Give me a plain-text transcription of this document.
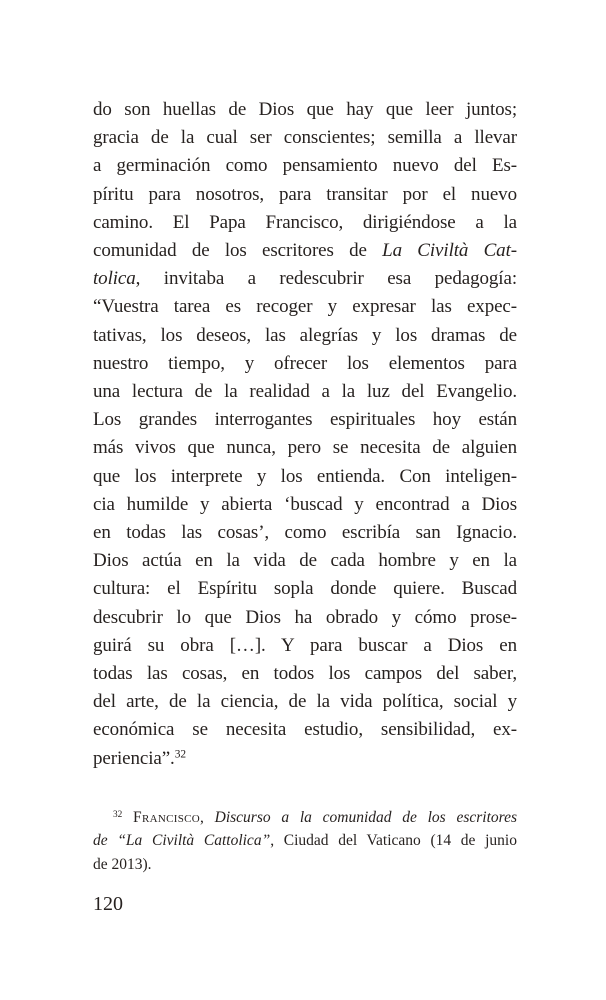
do son huellas de Dios que hay que leer juntos;
gracia de la cual ser conscientes; semilla a llevar
a germinación como pensamiento nuevo del Es-
píritu para nosotros, para transitar por el nuevo
camino. El Papa Francisco, dirigiéndose a la
comunidad de los escritores de La Civiltà Cat-
tolica, invitaba a redescubrir esa pedagogía:
“Vuestra tarea es recoger y expresar las expec-
tativas, los deseos, las alegrías y los dramas de
nuestro tiempo, y ofrecer los elementos para
una lectura de la realidad a la luz del Evangelio.
Los grandes interrogantes espirituales hoy están
más vivos que nunca, pero se necesita de alguien
que los interprete y los entienda. Con inteligen-
cia humilde y abierta ‘buscad y encontrad a Dios
en todas las cosas’, como escribía san Ignacio.
Dios actúa en la vida de cada hombre y en la
cultura: el Espíritu sopla donde quiere. Buscad
descubrir lo que Dios ha obrado y cómo prose-
guirá su obra […]. Y para buscar a Dios en
todas las cosas, en todos los campos del saber,
del arte, de la ciencia, de la vida política, social y
económica se necesita estudio, sensibilidad, ex-
periencia”.$^{32}$
$^{32}$ Francisco, Discurso a la comunidad de los escritores
de “La Civiltà Cattolica”, Ciudad del Vaticano (14 de junio
de 2013).
120
